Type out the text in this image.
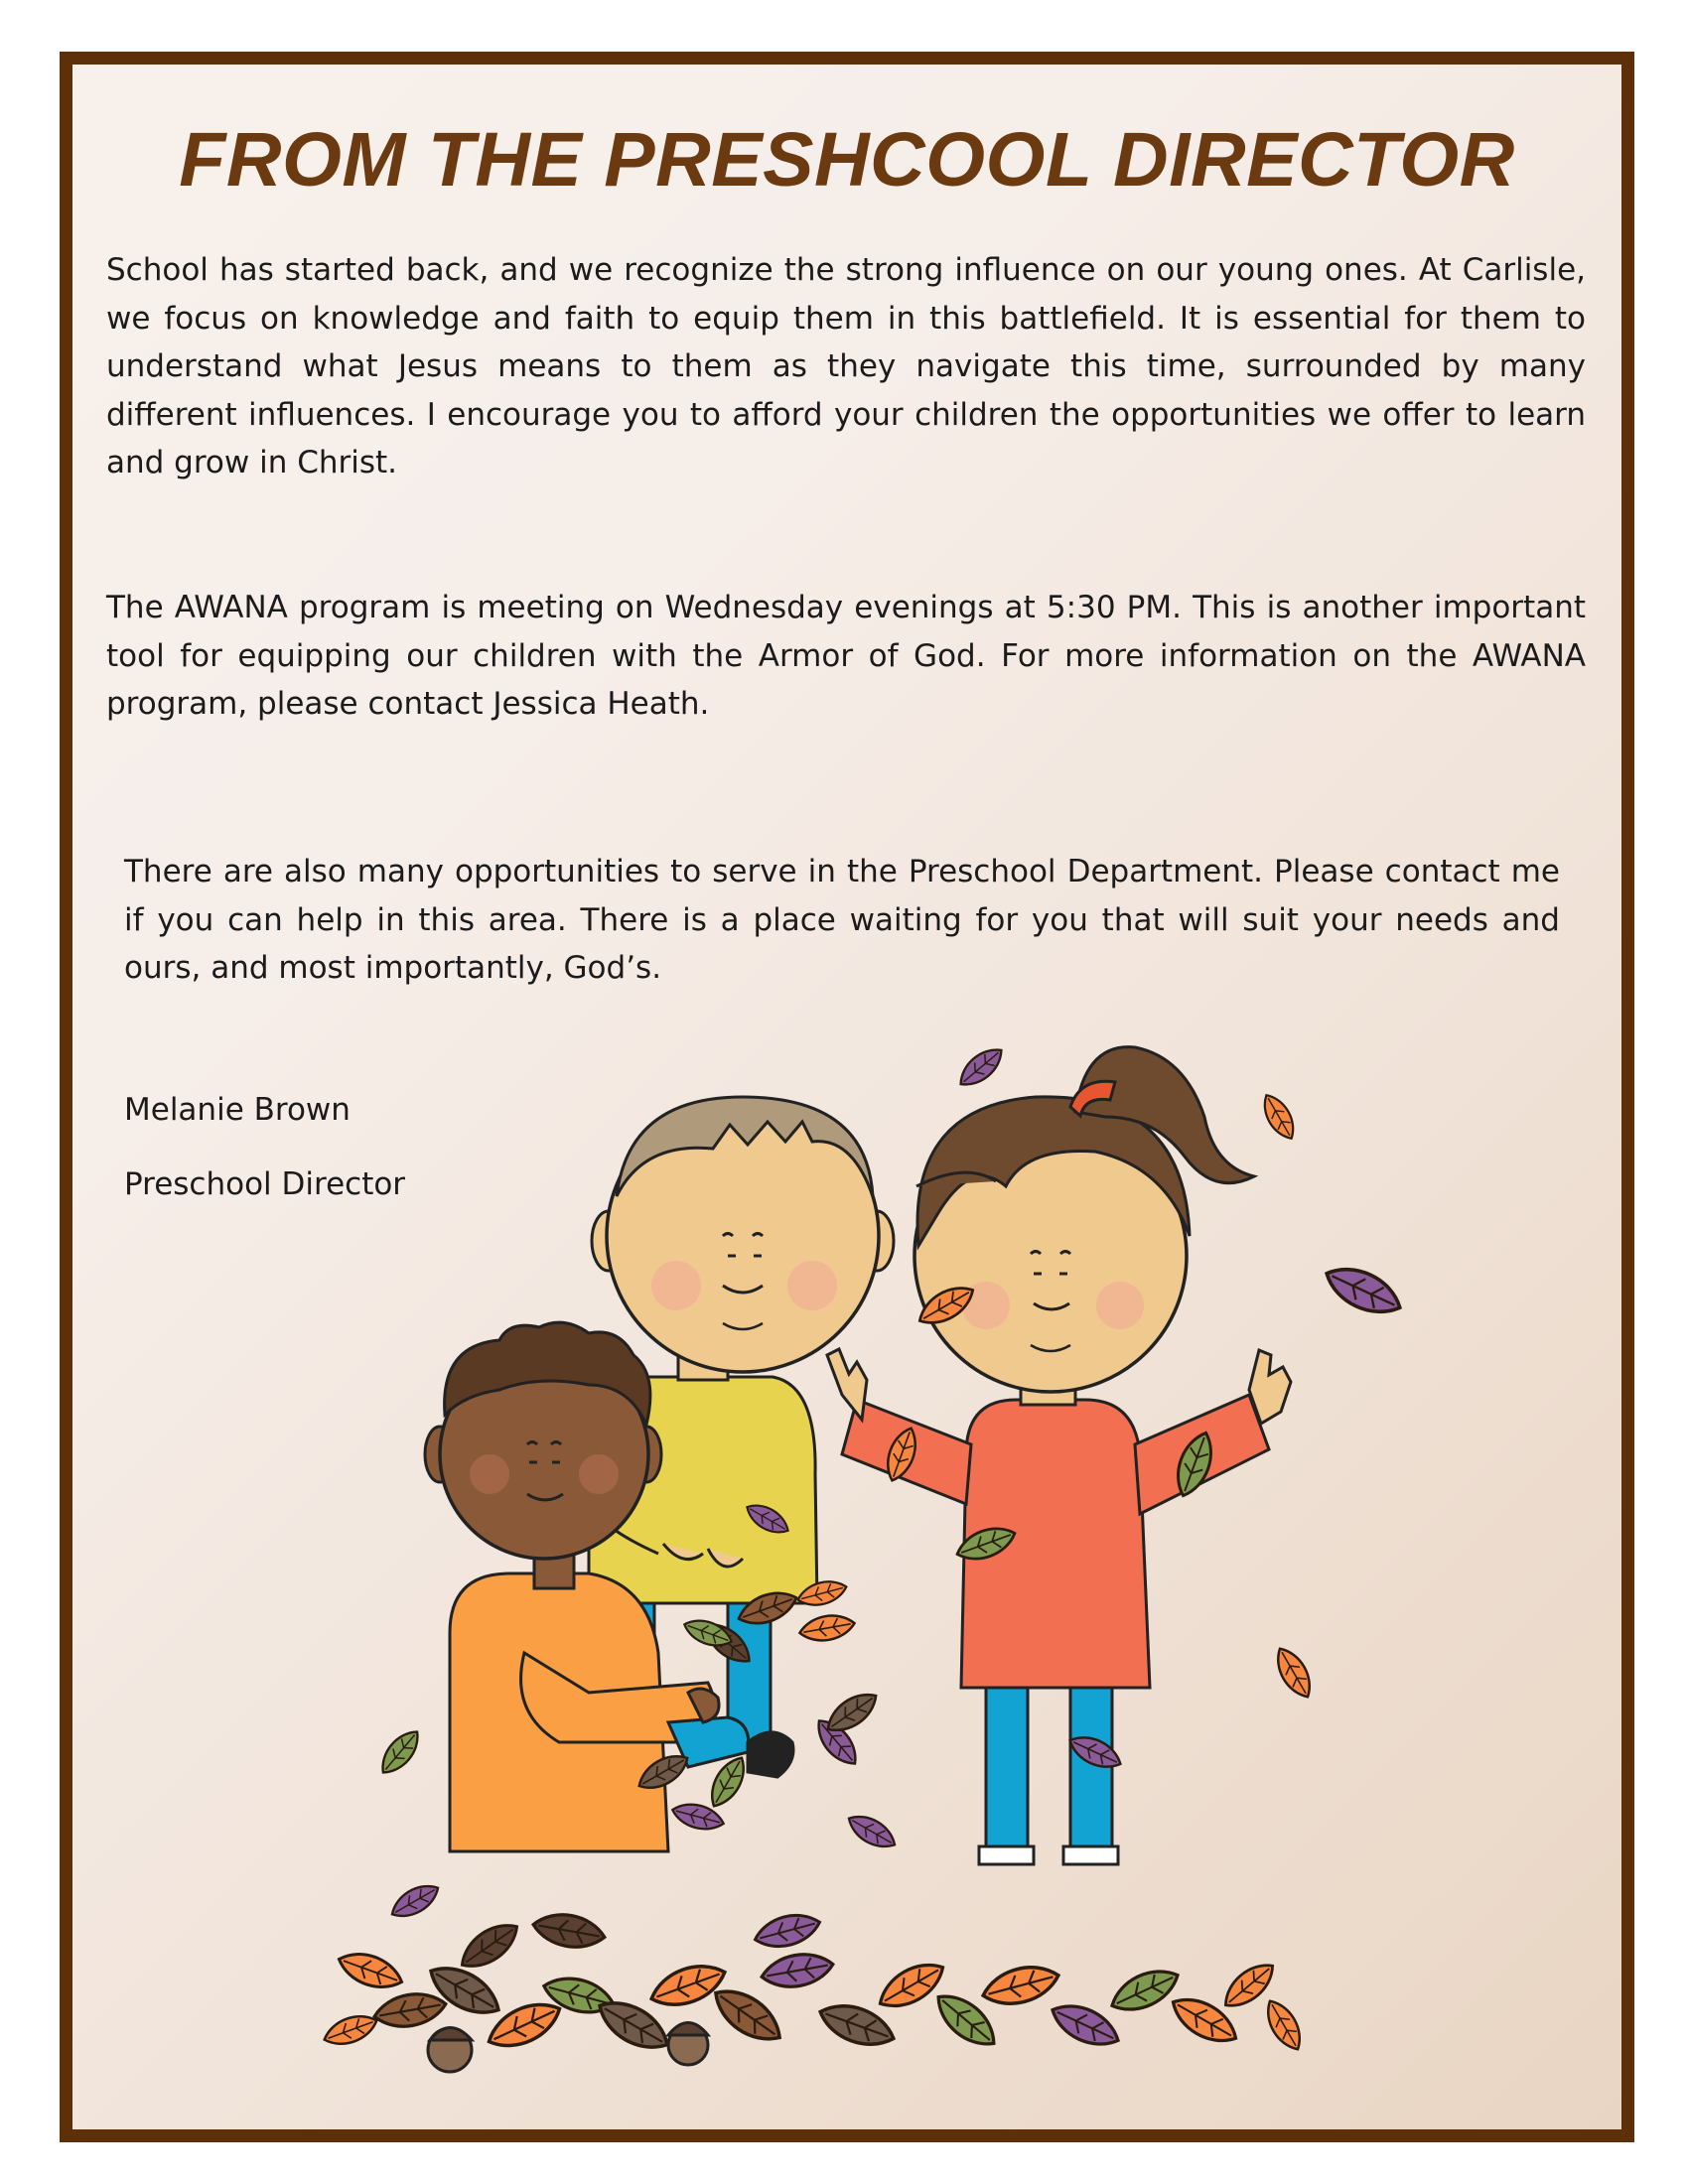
FROM THE PRESHCOOL DIRECTOR

School has started back, and we recognize the strong influence on our young ones. At Carlisle, we focus on knowledge and faith to equip them in this battlefield. It is essential for them to understand what Jesus means to them as they navigate this time, surrounded by many different influences. I encourage you to afford your children the opportunities we offer to learn and grow in Christ.

The AWANA program is meeting on Wednesday evenings at 5:30 PM. This is another important tool for equipping our children with the Armor of God. For more information on the AWANA program, please contact Jessica Heath.

There are also many opportunities to serve in the Preschool Department. Please contact me if you can help in this area. There is a place waiting for you that will suit your needs and ours, and most importantly, God’s.

Melanie Brown

Preschool Director
